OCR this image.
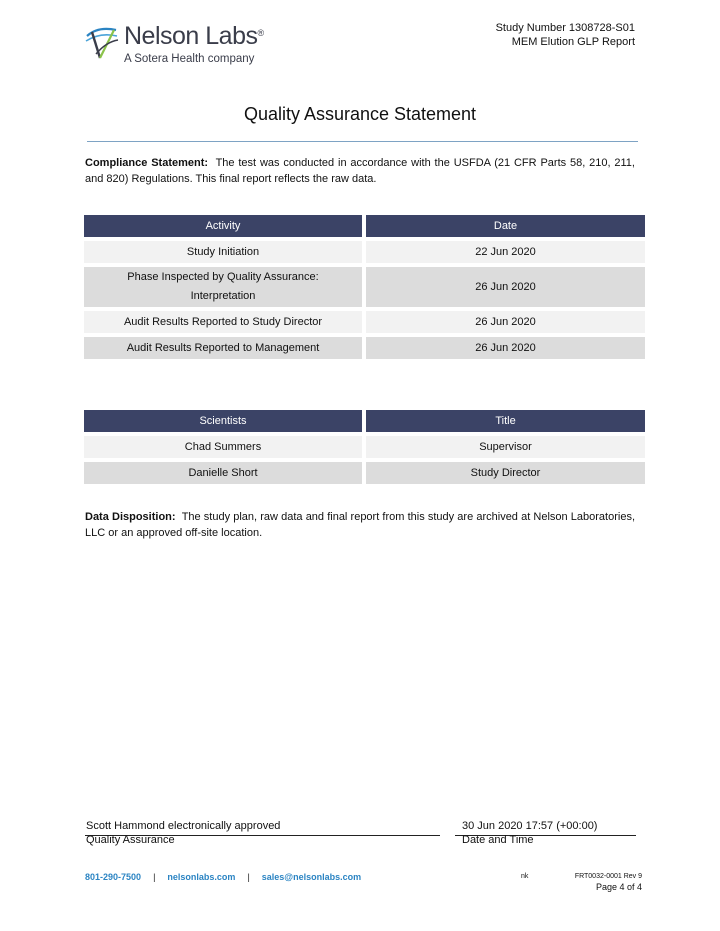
Nelson Labs®
A Sotera Health company
Study Number 1308728-S01
MEM Elution GLP Report
Quality Assurance Statement
Compliance Statement: The test was conducted in accordance with the USFDA (21 CFR Parts 58, 210, 211, and 820) Regulations. This final report reflects the raw data.
Activity	Date
Study Initiation	22 Jun 2020

Phase Inspected by Quality Assurance:
Interpretation	26 Jun 2020
Audit Results Reported to Study Director	26 Jun 2020
Audit Results Reported to Management	26 Jun 2020
Scientists	Title
Chad Summers	Supervisor
Danielle Short	Study Director
Data Disposition: The study plan, raw data and final report from this study are archived at Nelson Laboratories, LLC or an approved off-site location.
Scott Hammond electronically approved
Quality Assurance
30 Jun 2020 17:57 (+00:00)
Date and Time
801-290-7500 | nelsonlabs.com | sales@nelsonlabs.com	nk	FRT0032-0001 Rev 9
Page 4 of 4
